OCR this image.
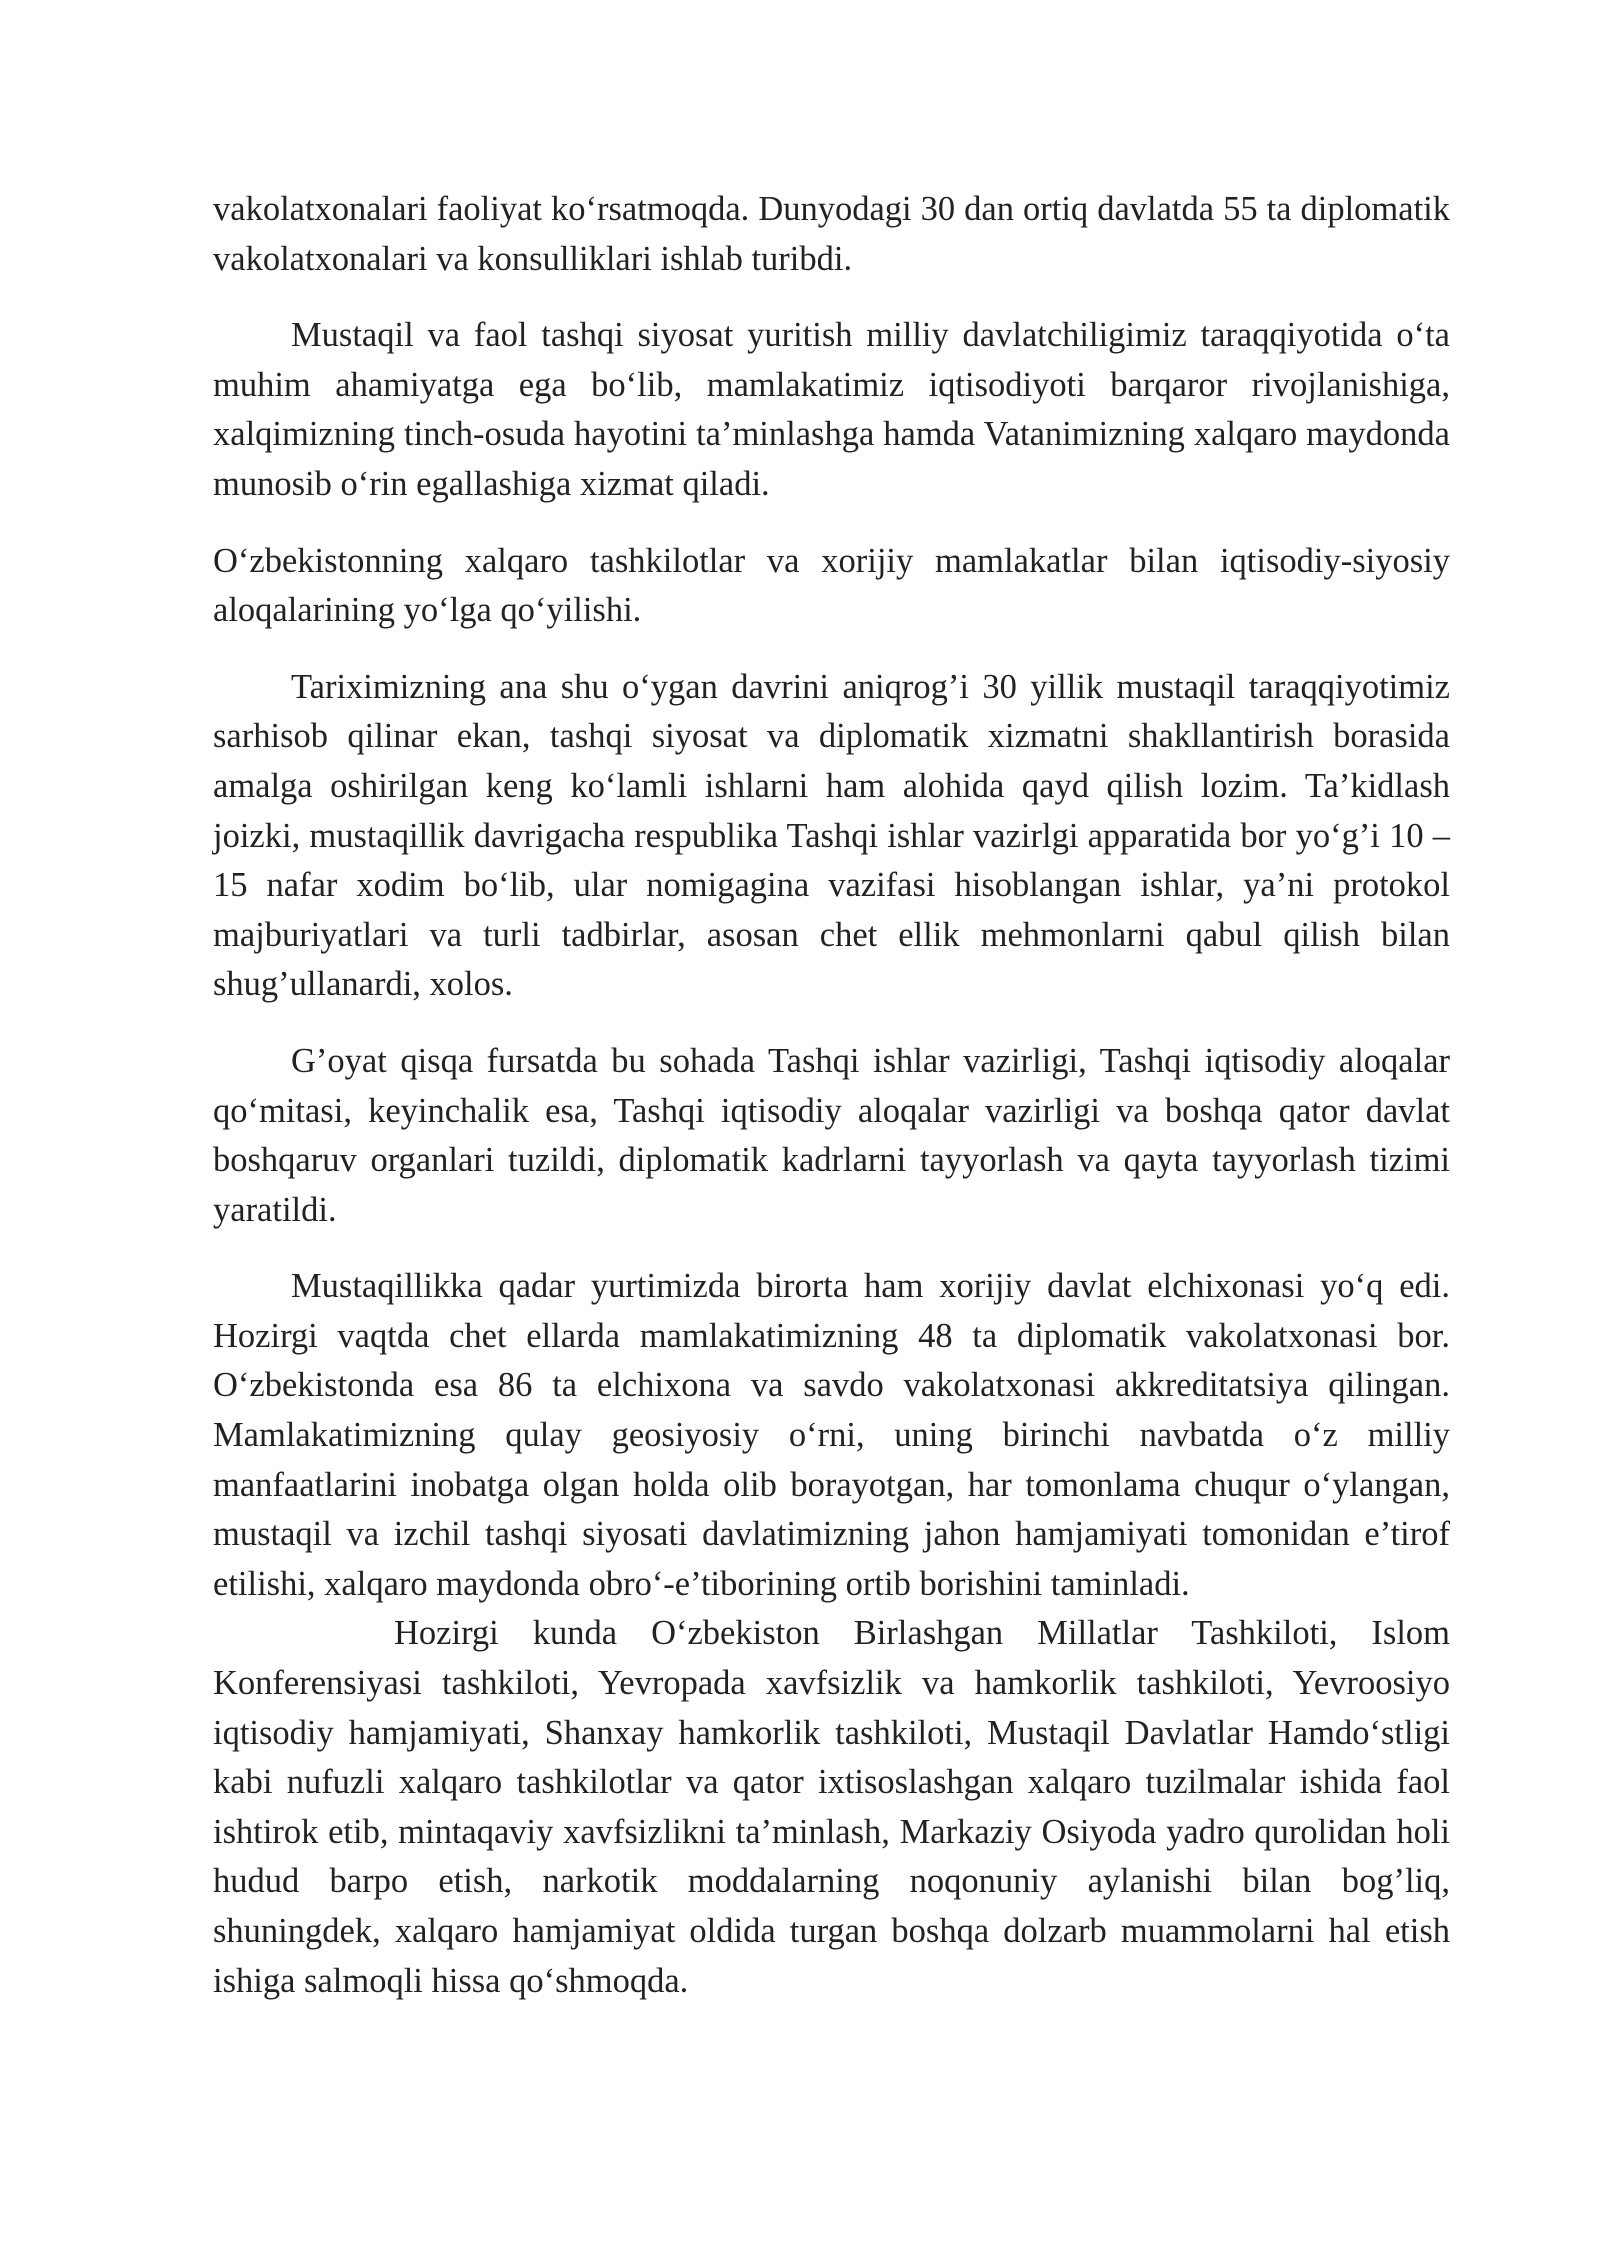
vakolatxonalari faoliyat ko‘rsatmoqda. Dunyodagi 30 dan ortiq davlatda 55 ta diplomatik vakolatxonalari va konsulliklari ishlab turibdi.

Mustaqil va faol tashqi siyosat yuritish milliy davlatchiligimiz taraqqiyotida o‘ta muhim ahamiyatga ega bo‘lib, mamlakatimiz iqtisodiyoti barqaror rivojlanishiga, xalqimizning tinch-osuda hayotini ta’minlashga hamda Vatanimizning xalqaro maydonda munosib o‘rin egallashiga xizmat qiladi.

O‘zbekistonning xalqaro tashkilotlar va xorijiy mamlakatlar bilan iqtisodiy-siyosiy aloqalarining yo‘lga qo‘yilishi.

Tariximizning ana shu o‘ygan davrini aniqrog’i 30 yillik mustaqil taraqqiyotimiz sarhisob qilinar ekan, tashqi siyosat va diplomatik xizmatni shakllantirish borasida amalga oshirilgan keng ko‘lamli ishlarni ham alohida qayd qilish lozim. Ta’kidlash joizki, mustaqillik davrigacha respublika Tashqi ishlar vazirlgi apparatida bor yo‘g’i 10 –15 nafar xodim bo‘lib, ular nomigagina vazifasi hisoblangan ishlar, ya’ni protokol majburiyatlari va turli tadbirlar, asosan chet ellik mehmonlarni qabul qilish bilan shug’ullanardi, xolos.

G’oyat qisqa fursatda bu sohada Tashqi ishlar vazirligi, Tashqi iqtisodiy aloqalar qo‘mitasi, keyinchalik esa, Tashqi iqtisodiy aloqalar vazirligi va boshqa qator davlat boshqaruv organlari tuzildi, diplomatik kadrlarni tayyorlash va qayta tayyorlash tizimi yaratildi.

Mustaqillikka qadar yurtimizda birorta ham xorijiy davlat elchixonasi yo‘q edi. Hozirgi vaqtda chet ellarda mamlakatimizning 48 ta diplomatik vakolatxonasi bor. O‘zbekistonda esa 86 ta elchixona va savdo vakolatxonasi akkreditatsiya qilingan. Mamlakatimizning qulay geosiyosiy o‘rni, uning birinchi navbatda o‘z milliy manfaatlarini inobatga olgan holda olib borayotgan, har tomonlama chuqur o‘ylangan, mustaqil va izchil tashqi siyosati davlatimizning jahon hamjamiyati tomonidan e’tirof etilishi, xalqaro maydonda obro‘-e’tiborining ortib borishini taminladi.

Hozirgi kunda O‘zbekiston Birlashgan Millatlar Tashkiloti, Islom Konferensiyasi tashkiloti, Yevropada xavfsizlik va hamkorlik tashkiloti, Yevroosiyo iqtisodiy hamjamiyati, Shanxay hamkorlik tashkiloti, Mustaqil Davlatlar Hamdo‘stligi kabi nufuzli xalqaro tashkilotlar va qator ixtisoslashgan xalqaro tuzilmalar ishida faol ishtirok etib, mintaqaviy xavfsizlikni ta’minlash, Markaziy Osiyoda yadro qurolidan holi hudud barpo etish, narkotik moddalarning noqonuniy aylanishi bilan bog’liq, shuningdek, xalqaro hamjamiyat oldida turgan boshqa dolzarb muammolarni hal etish ishiga salmoqli hissa qo‘shmoqda.
